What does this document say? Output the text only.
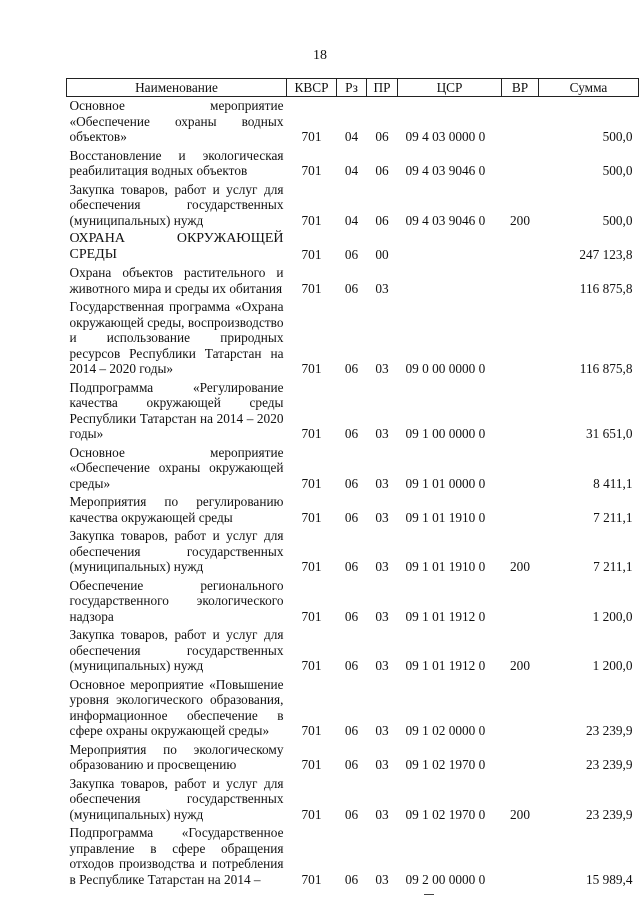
18
Наименование	КВСР	Рз	ПР	ЦСР	ВР	Сумма
Основное мероприятие «Обеспечение охраны водных объектов»	701	04	06	09 4 03 0000 0		500,0
Восстановление и экологическая реабилитация водных объектов	701	04	06	09 4 03 9046 0		500,0
Закупка товаров, работ и услуг для обеспечения государственных (муниципальных) нужд	701	04	06	09 4 03 9046 0	200	500,0
ОХРАНА ОКРУЖАЮЩЕЙ СРЕДЫ	701	06	00			247 123,8
Охрана объектов растительного и животного мира и среды их обитания	701	06	03			116 875,8
Государственная программа «Охрана окружающей среды, воспроизводство и использование природных ресурсов Республики Татарстан на 2014 – 2020 годы»	701	06	03	09 0 00 0000 0		116 875,8
Подпрограмма «Регулирование качества окружающей среды Республики Татарстан на 2014 – 2020 годы»	701	06	03	09 1 00 0000 0		31 651,0
Основное мероприятие «Обеспечение охраны окружающей среды»	701	06	03	09 1 01 0000 0		8 411,1
Мероприятия по регулированию качества окружающей среды	701	06	03	09 1 01 1910 0		7 211,1
Закупка товаров, работ и услуг для обеспечения государственных (муниципальных) нужд	701	06	03	09 1 01 1910 0	200	7 211,1
Обеспечение регионального государственного экологического надзора	701	06	03	09 1 01 1912 0		1 200,0
Закупка товаров, работ и услуг для обеспечения государственных (муниципальных) нужд	701	06	03	09 1 01 1912 0	200	1 200,0
Основное мероприятие «Повышение уровня экологического образования, информационное обеспечение в сфере охраны окружающей среды»	701	06	03	09 1 02 0000 0		23 239,9
Мероприятия по экологическому образованию и просвещению	701	06	03	09 1 02 1970 0		23 239,9
Закупка товаров, работ и услуг для обеспечения государственных (муниципальных) нужд	701	06	03	09 1 02 1970 0	200	23 239,9
Подпрограмма «Государственное управление в сфере обращения отходов производства и потребления в Республике Татарстан на 2014 –	701	06	03	09 2 00 0000 0		15 989,4
